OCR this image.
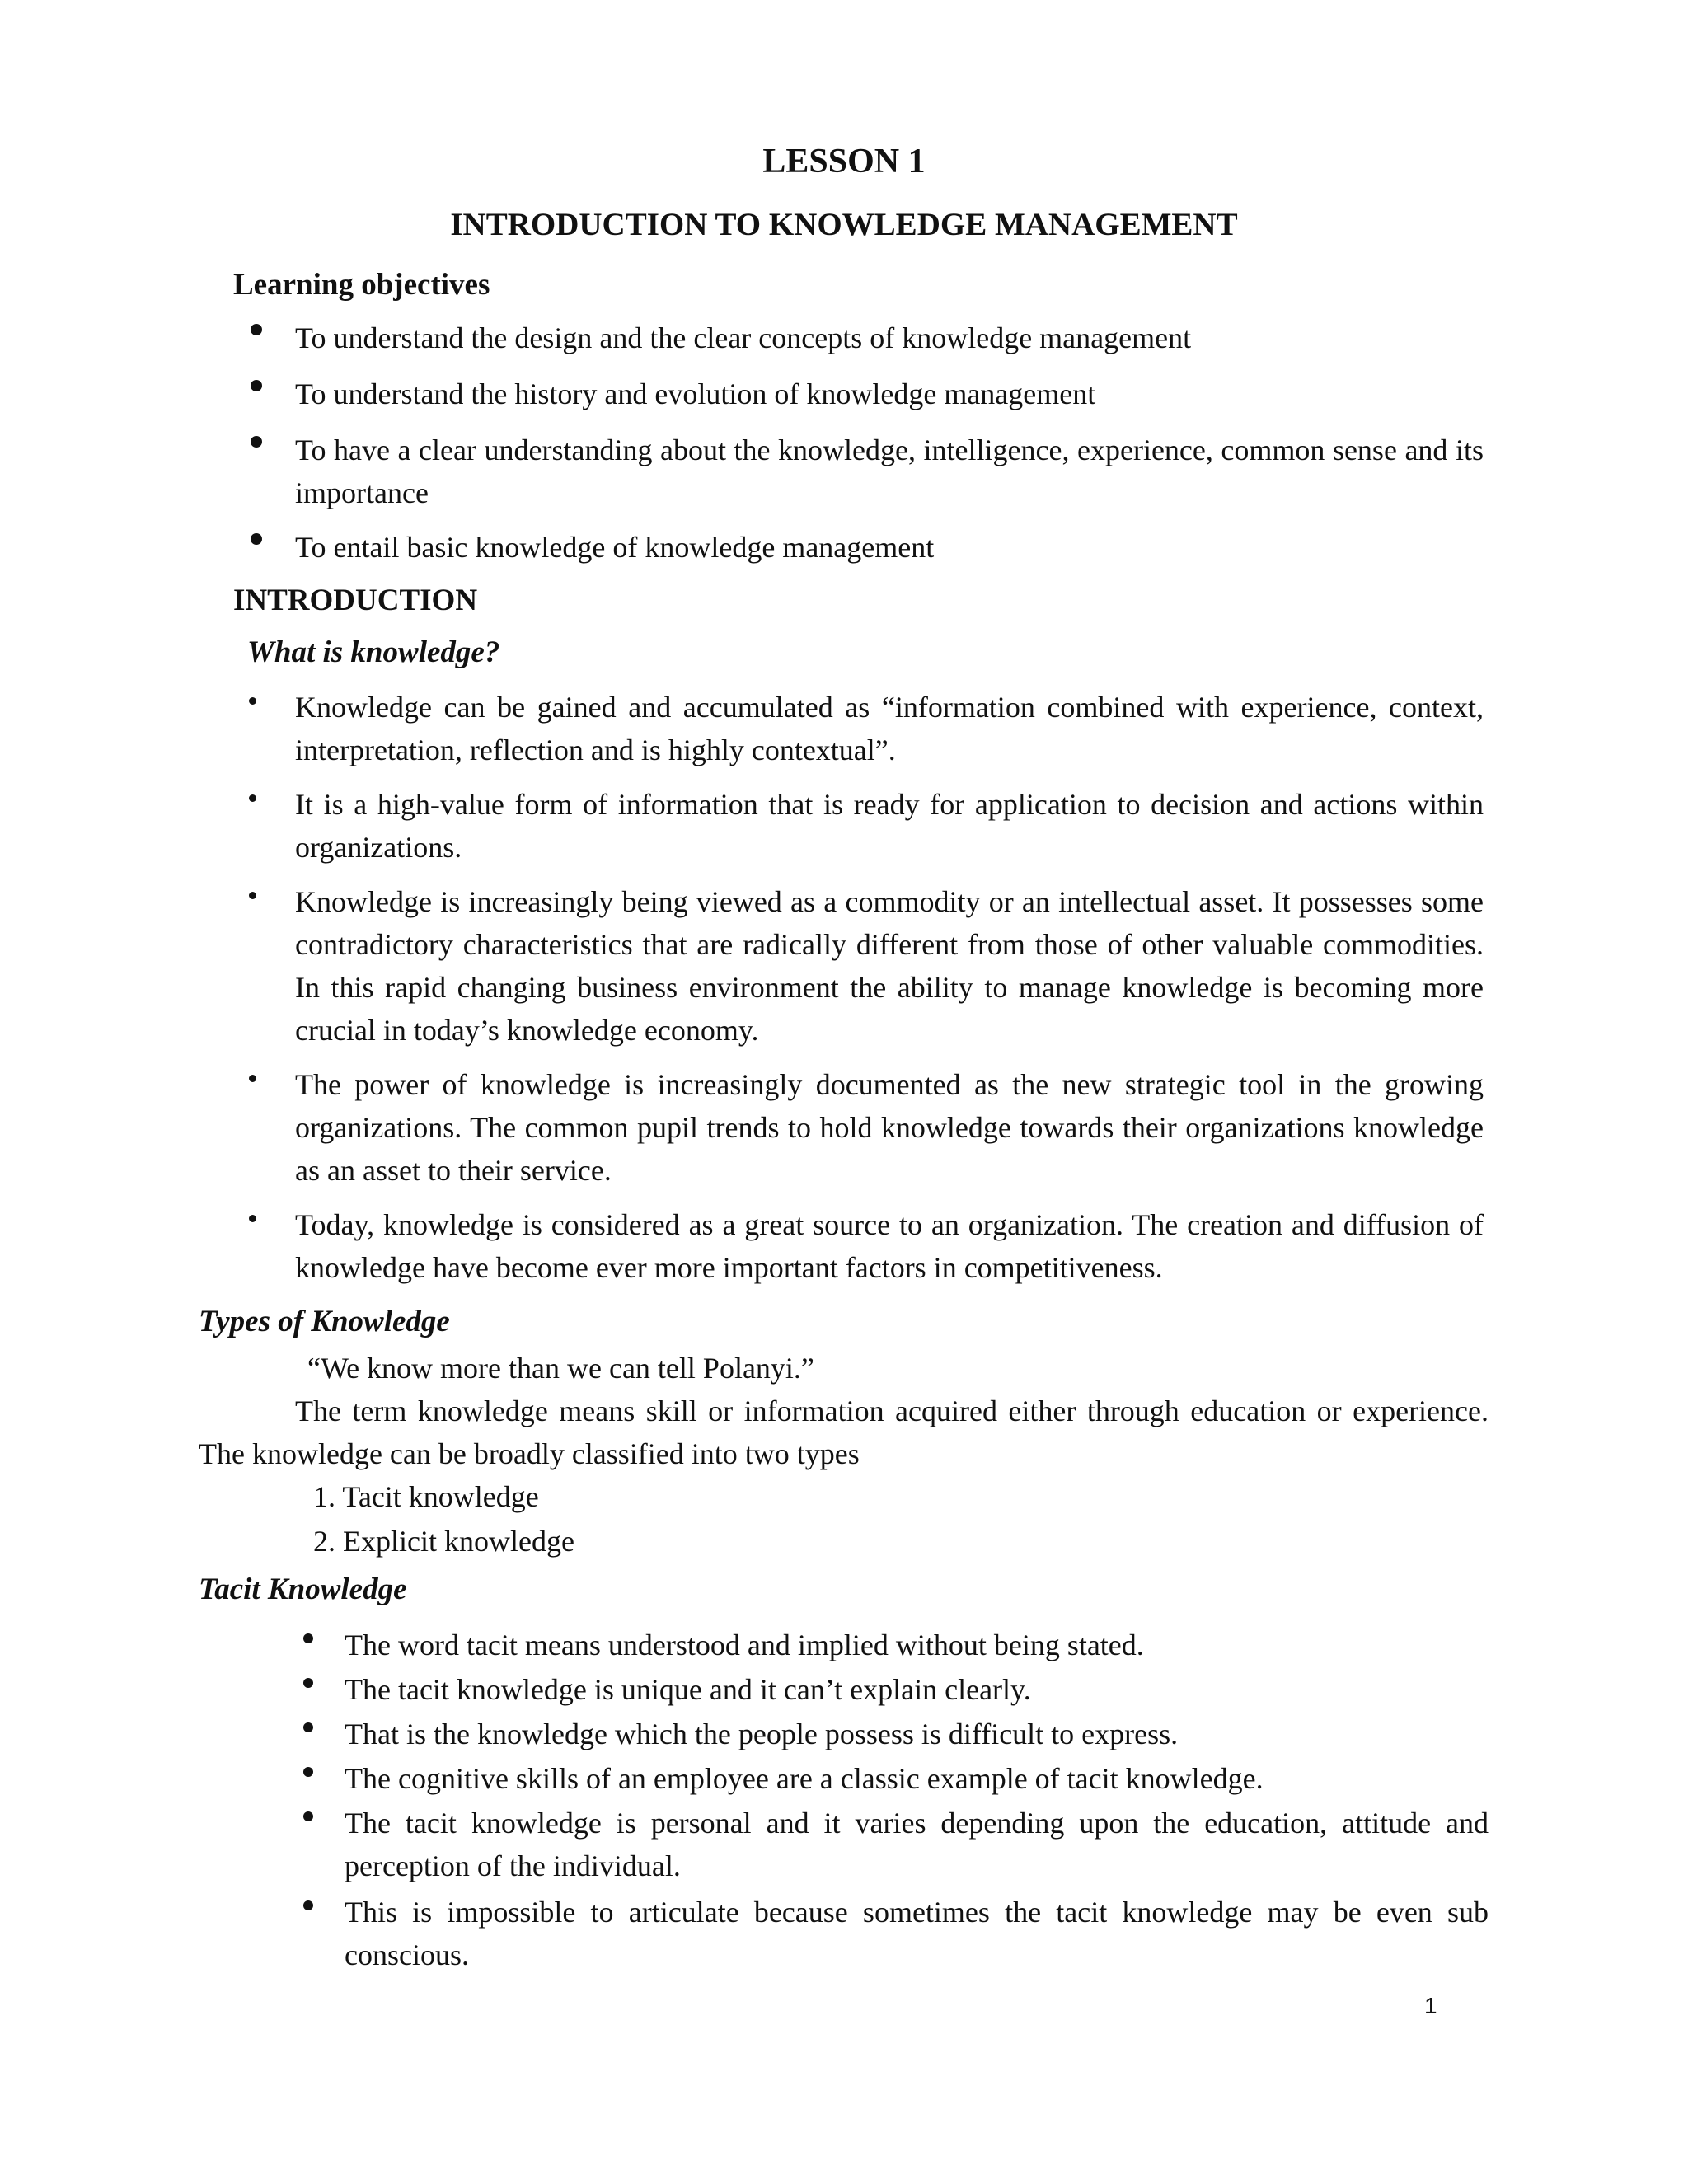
LESSON 1
INTRODUCTION TO KNOWLEDGE MANAGEMENT
Learning objectives
To understand the design and the clear concepts of knowledge management
To understand the history and evolution of knowledge management
To have a clear understanding about the knowledge, intelligence, experience, common sense and its importance
To entail basic knowledge of knowledge management
INTRODUCTION
What is knowledge?
Knowledge can be gained and accumulated as “information combined with experience, context, interpretation, reflection and is highly contextual”.
It is a high-value form of information that is ready for application to decision and actions within organizations.
Knowledge is increasingly being viewed as a commodity or an intellectual asset. It possesses some contradictory characteristics that are radically different from those of other valuable commodities. In this rapid changing business environment the ability to manage knowledge is becoming more crucial in today’s knowledge economy.
The power of knowledge is increasingly documented as the new strategic tool in the growing organizations. The common pupil trends to hold knowledge towards their organizations knowledge as an asset to their service.
Today, knowledge is considered as a great source to an organization. The creation and diffusion of knowledge have become ever more important factors in competitiveness.
Types of Knowledge
“We know more than we can tell Polanyi.”
The term knowledge means skill or information acquired either through education or experience. The knowledge can be broadly classified into two types
1. Tacit knowledge
2. Explicit knowledge
Tacit Knowledge
The word tacit means understood and implied without being stated.
The tacit knowledge is unique and it can’t explain clearly.
That is the knowledge which the people possess is difficult to express.
The cognitive skills of an employee are a classic example of tacit knowledge.
The tacit knowledge is personal and it varies depending upon the education, attitude and perception of the individual.
This is impossible to articulate because sometimes the tacit knowledge may be even sub conscious.
1
